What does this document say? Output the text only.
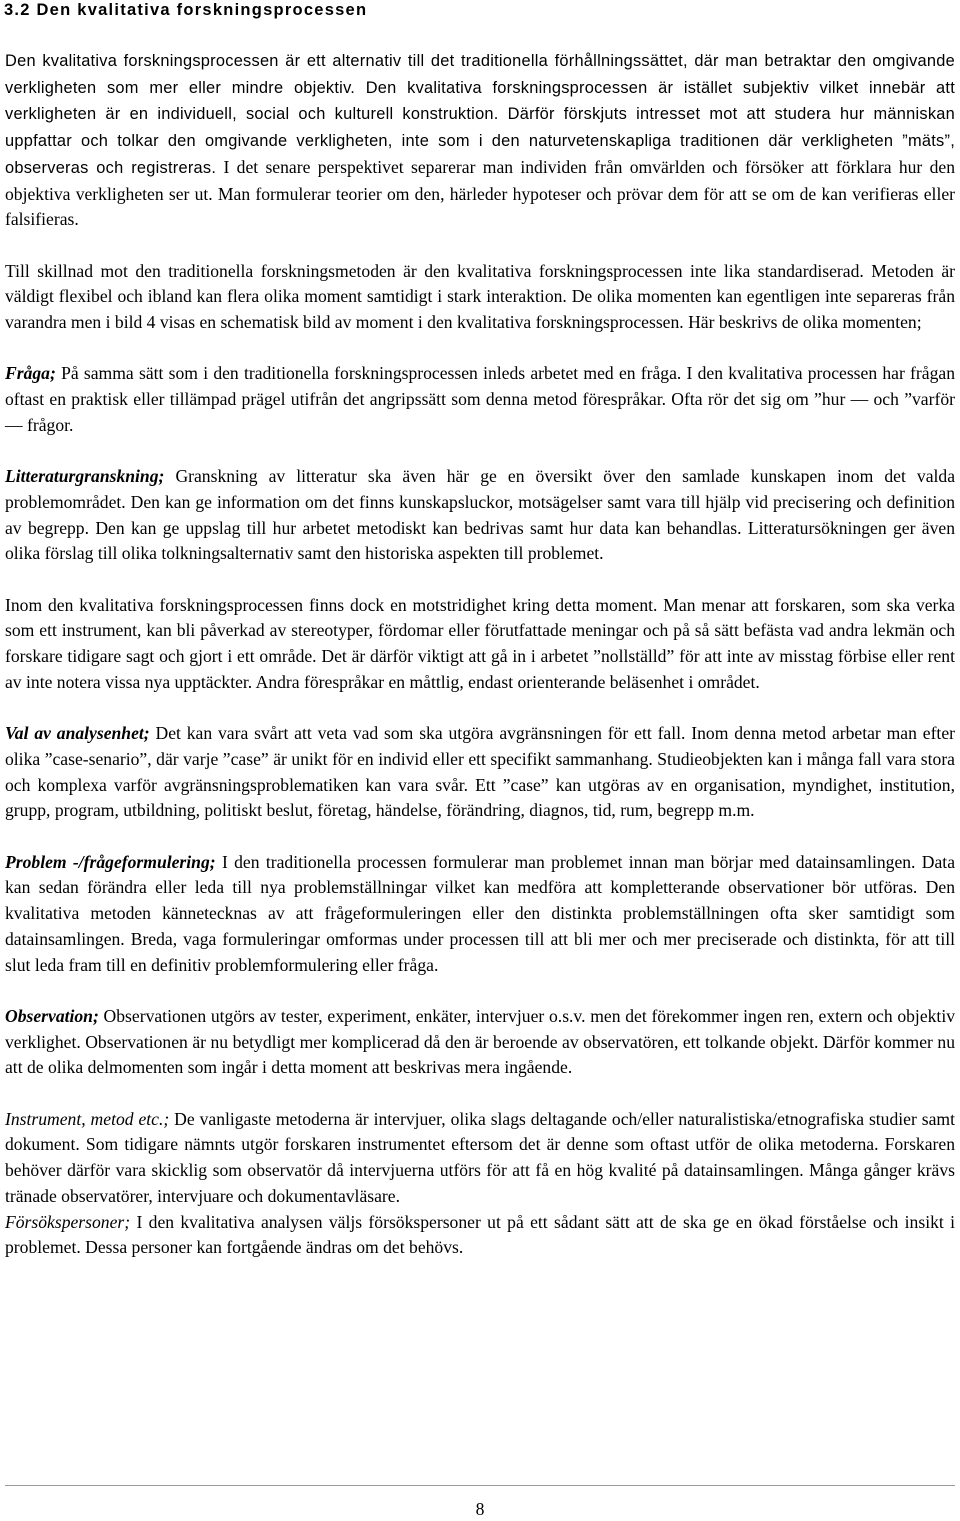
3.2 Den kvalitativa forskningsprocessen

Den kvalitativa forskningsprocessen är ett alternativ till det traditionella förhållningssättet, där man betraktar den omgivande verkligheten som mer eller mindre objektiv. Den kvalitativa forskningsprocessen är istället subjektiv vilket innebär att verkligheten är en individuell, social och kulturell konstruktion. Därför förskjuts intresset mot att studera hur människan uppfattar och tolkar den omgivande verkligheten, inte som i den naturvetenskapliga traditionen där verkligheten ”mäts”, observeras och registreras. I det senare perspektivet separerar man individen från omvärlden och försöker att förklara hur den objektiva verkligheten ser ut. Man formulerar teorier om den, härleder hypoteser och prövar dem för att se om de kan verifieras eller falsifieras.

Till skillnad mot den traditionella forskningsmetoden är den kvalitativa forskningsprocessen inte lika standardiserad. Metoden är väldigt flexibel och ibland kan flera olika moment samtidigt i stark interaktion. De olika momenten kan egentligen inte separeras från varandra men i bild 4 visas en schematisk bild av moment i den kvalitativa forskningsprocessen. Här beskrivs de olika momenten;

Fråga; På samma sätt som i den traditionella forskningsprocessen inleds arbetet med en fråga. I den kvalitativa processen har frågan oftast en praktisk eller tillämpad prägel utifrån det angripssätt som denna metod förespråkar. Ofta rör det sig om ”hur — och ”varför — frågor.

Litteraturgranskning; Granskning av litteratur ska även här ge en översikt över den samlade kunskapen inom det valda problemområdet. Den kan ge information om det finns kunskapsluckor, motsägelser samt vara till hjälp vid precisering och definition av begrepp. Den kan ge uppslag till hur arbetet metodiskt kan bedrivas samt hur data kan behandlas. Litteratursökningen ger även olika förslag till olika tolkningsalternativ samt den historiska aspekten till problemet.

Inom den kvalitativa forskningsprocessen finns dock en motstridighet kring detta moment. Man menar att forskaren, som ska verka som ett instrument, kan bli påverkad av stereotyper, fördomar eller förutfattade meningar och på så sätt befästa vad andra lekmän och forskare tidigare sagt och gjort i ett område. Det är därför viktigt att gå in i arbetet ”nollställd” för att inte av misstag förbise eller rent av inte notera vissa nya upptäckter. Andra förespråkar en måttlig, endast orienterande beläsenhet i området.

Val av analysenhet; Det kan vara svårt att veta vad som ska utgöra avgränsningen för ett fall. Inom denna metod arbetar man efter olika ”case-senario”, där varje ”case” är unikt för en individ eller ett specifikt sammanhang. Studieobjekten kan i många fall vara stora och komplexa varför avgränsningsproblematiken kan vara svår. Ett ”case” kan utgöras av en organisation, myndighet, institution, grupp, program, utbildning, politiskt beslut, företag, händelse, förändring, diagnos, tid, rum, begrepp m.m.

Problem -/frågeformulering; I den traditionella processen formulerar man problemet innan man börjar med datainsamlingen. Data kan sedan förändra eller leda till nya problemställningar vilket kan medföra att kompletterande observationer bör utföras. Den kvalitativa metoden kännetecknas av att frågeformuleringen eller den distinkta problemställningen ofta sker samtidigt som datainsamlingen. Breda, vaga formuleringar omformas under processen till att bli mer och mer preciserade och distinkta, för att till slut leda fram till en definitiv problemformulering eller fråga.

Observation; Observationen utgörs av tester, experiment, enkäter, intervjuer o.s.v. men det förekommer ingen ren, extern och objektiv verklighet. Observationen är nu betydligt mer komplicerad då den är beroende av observatören, ett tolkande objekt. Därför kommer nu att de olika delmomenten som ingår i detta moment att beskrivas mera ingående.

Instrument, metod etc.; De vanligaste metoderna är intervjuer, olika slags deltagande och/eller naturalistiska/etnografiska studier samt dokument. Som tidigare nämnts utgör forskaren instrumentet eftersom det är denne som oftast utför de olika metoderna. Forskaren behöver därför vara skicklig som observatör då intervjuerna utförs för att få en hög kvalité på datainsamlingen. Många gånger krävs tränade observatörer, intervjuare och dokumentavläsare.

Försökspersoner; I den kvalitativa analysen väljs försökspersoner ut på ett sådant sätt att de ska ge en ökad förståelse och insikt i problemet. Dessa personer kan fortgående ändras om det behövs.

8
